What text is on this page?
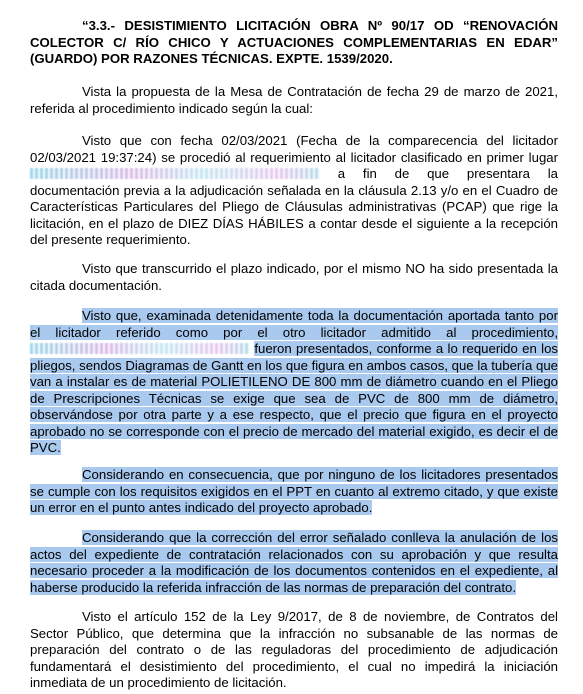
“3.3.- DESISTIMIENTO LICITACIÓN OBRA Nº 90/17 OD “RENOVACIÓN COLECTOR C/ RÍO CHICO Y ACTUACIONES COMPLEMENTARIAS EN EDAR” (GUARDO) POR RAZONES TÉCNICAS. EXPTE. 1539/2020.

Vista la propuesta de la Mesa de Contratación de fecha 29 de marzo de 2021, referida al procedimiento indicado según la cual:

Visto que con fecha 02/03/2021 (Fecha de la comparecencia del licitador 02/03/2021 19:37:24) se procedió al requerimiento al licitador clasificado en primer lugar  a fin de que presentara la documentación previa a la adjudicación señalada en la cláusula 2.13 y/o en el Cuadro de Características Particulares del Pliego de Cláusulas administrativas (PCAP) que rige la licitación, en el plazo de DIEZ DÍAS HÁBILES a contar desde el siguiente a la recepción del presente requerimiento.

Visto que transcurrido el plazo indicado, por el mismo NO ha sido presentada la citada documentación.

Visto que, examinada detenidamente toda la documentación aportada tanto por el licitador referido como por el otro licitador admitido al procedimiento,  fueron presentados, conforme a lo requerido en los pliegos, sendos Diagramas de Gantt en los que figura en ambos casos, que la tubería que van a instalar es de material POLIETILENO DE 800 mm de diámetro cuando en el Pliego de Prescripciones Técnicas se exige que sea de PVC de 800 mm de diámetro, observándose por otra parte y a ese respecto, que el precio que figura en el proyecto aprobado no se corresponde con el precio de mercado del material exigido, es decir el de PVC.

Considerando en consecuencia, que por ninguno de los licitadores presentados se cumple con los requisitos exigidos en el PPT en cuanto al extremo citado, y que existe un error en el punto antes indicado del proyecto aprobado.

Considerando que la corrección del error señalado conlleva la anulación de los actos del expediente de contratación relacionados con su aprobación y que resulta necesario proceder a la modificación de los documentos contenidos en el expediente, al haberse producido la referida infracción de las normas de preparación del contrato.

Visto el artículo 152 de la Ley 9/2017, de 8 de noviembre, de Contratos del Sector Público, que determina que la infracción no subsanable de las normas de preparación del contrato o de las reguladoras del procedimiento de adjudicación fundamentará el desistimiento del procedimiento, el cual no impedirá la iniciación inmediata de un procedimiento de licitación.
